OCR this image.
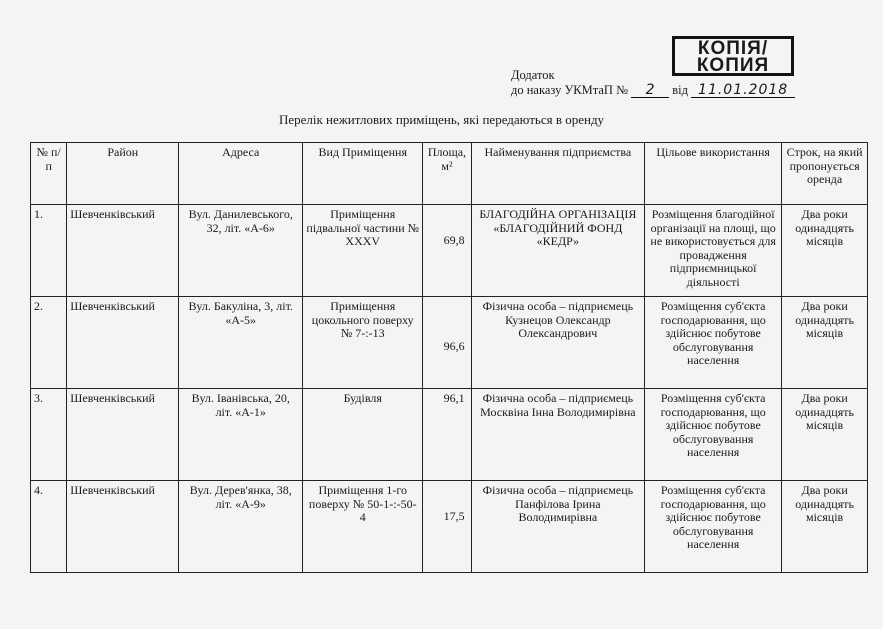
КОПІЯ/
КОПИЯ
Додаток
до наказу УКМтаП № 2 від 11.01.2018
Перелік нежитлових приміщень, які передаються в оренду
№ п/п	Район	Адреса	Вид Приміщення	Площа, м²	Найменування підприємства	Цільове використання	Строк, на який пропонується оренда
1.	Шевченківський	Вул. Данилевського, 32, літ. «А-6»	Приміщення підвальної частини № XXXV	69,8	БЛАГОДІЙНА ОРГАНІЗАЦІЯ «БЛАГОДІЙНИЙ ФОНД «КЕДР»	Розміщення благодійної організації на площі, що не використовується для провадження підприємницької діяльності	Два роки одинадцять місяців
2.	Шевченківський	Вул. Бакуліна, 3, літ. «А-5»	Приміщення цокольного поверху № 7-:-13	96,6	Фізична особа – підприємець Кузнецов Олександр Олександрович	Розміщення суб'єкта господарювання, що здійснює побутове обслуговування населення	Два роки одинадцять місяців
3.	Шевченківський	Вул. Іванівська, 20, літ. «А-1»	Будівля	96,1	Фізична особа – підприємець Москвіна Інна Володимирівна	Розміщення суб'єкта господарювання, що здійснює побутове обслуговування населення	Два роки одинадцять місяців
4.	Шевченківський	Вул. Дерев'янка, 38, літ. «А-9»	Приміщення 1-го поверху № 50-1-:-50-4	17,5	Фізична особа – підприємець Панфілова Ірина Володимирівна	Розміщення суб'єкта господарювання, що здійснює побутове обслуговування населення	Два роки одинадцять місяців
